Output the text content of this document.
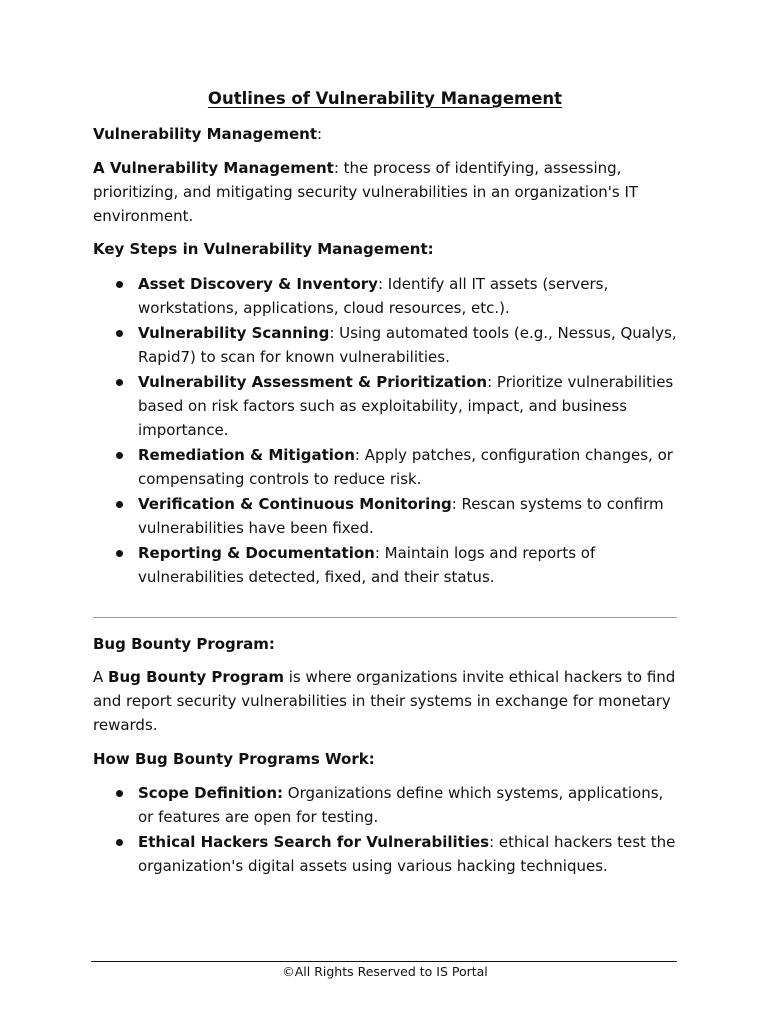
Outlines of Vulnerability Management

Vulnerability Management:

A Vulnerability Management: the process of identifying, assessing, prioritizing, and mitigating security vulnerabilities in an organization's IT environment.

Key Steps in Vulnerability Management:

Asset Discovery & Inventory: Identify all IT assets (servers, workstations, applications, cloud resources, etc.).
Vulnerability Scanning: Using automated tools (e.g., Nessus, Qualys, Rapid7) to scan for known vulnerabilities.
Vulnerability Assessment & Prioritization: Prioritize vulnerabilities based on risk factors such as exploitability, impact, and business importance.
Remediation & Mitigation: Apply patches, configuration changes, or compensating controls to reduce risk.
Verification & Continuous Monitoring: Rescan systems to confirm vulnerabilities have been fixed.
Reporting & Documentation: Maintain logs and reports of vulnerabilities detected, fixed, and their status.

Bug Bounty Program:

A Bug Bounty Program is where organizations invite ethical hackers to find and report security vulnerabilities in their systems in exchange for monetary rewards.

How Bug Bounty Programs Work:

Scope Definition: Organizations define which systems, applications, or features are open for testing.
Ethical Hackers Search for Vulnerabilities: ethical hackers test the organization's digital assets using various hacking techniques.
©All Rights Reserved to IS Portal
